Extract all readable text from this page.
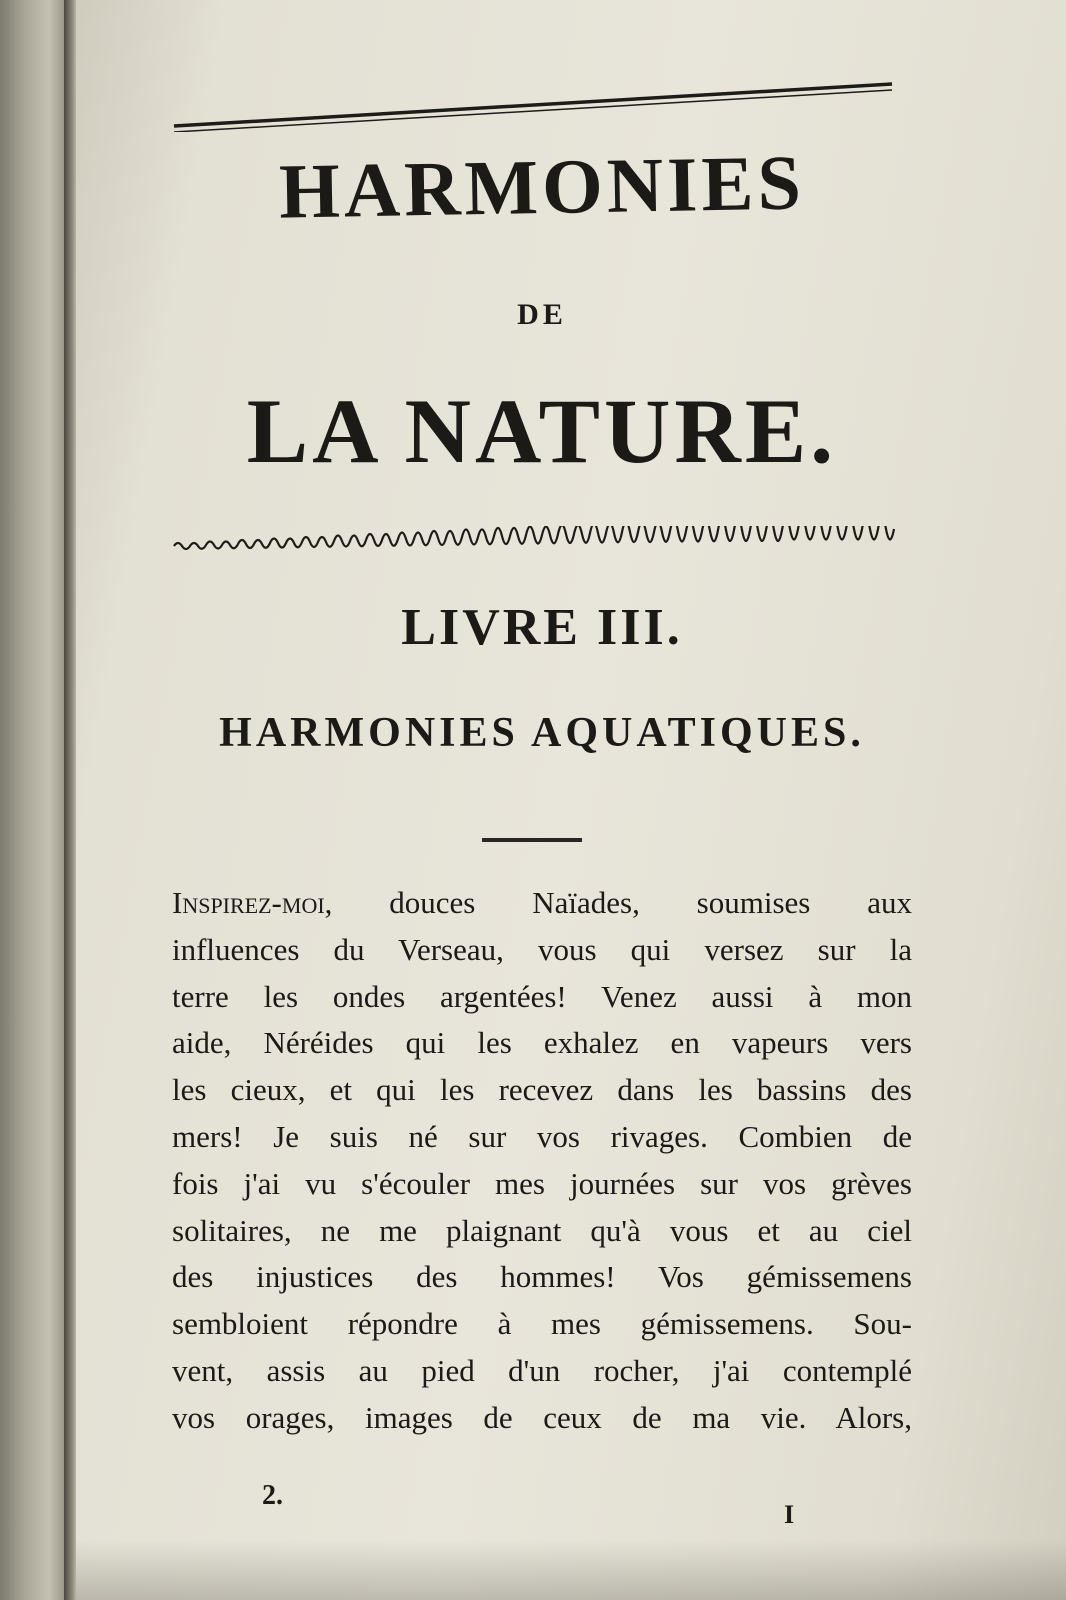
HARMONIES
DE
LA NATURE.
LIVRE III.
HARMONIES AQUATIQUES.
Inspirez-moi, douces Naïades, soumises aux
influences du Verseau, vous qui versez sur la
terre les ondes argentées! Venez aussi à mon
aide, Néréides qui les exhalez en vapeurs vers
les cieux, et qui les recevez dans les bassins des
mers! Je suis né sur vos rivages. Combien de
fois j'ai vu s'écouler mes journées sur vos grèves
solitaires, ne me plaignant qu'à vous et au ciel
des injustices des hommes! Vos gémissemens
sembloient répondre à mes gémissemens. Sou-
vent, assis au pied d'un rocher, j'ai contemplé
vos orages, images de ceux de ma vie. Alors,
2.
I
